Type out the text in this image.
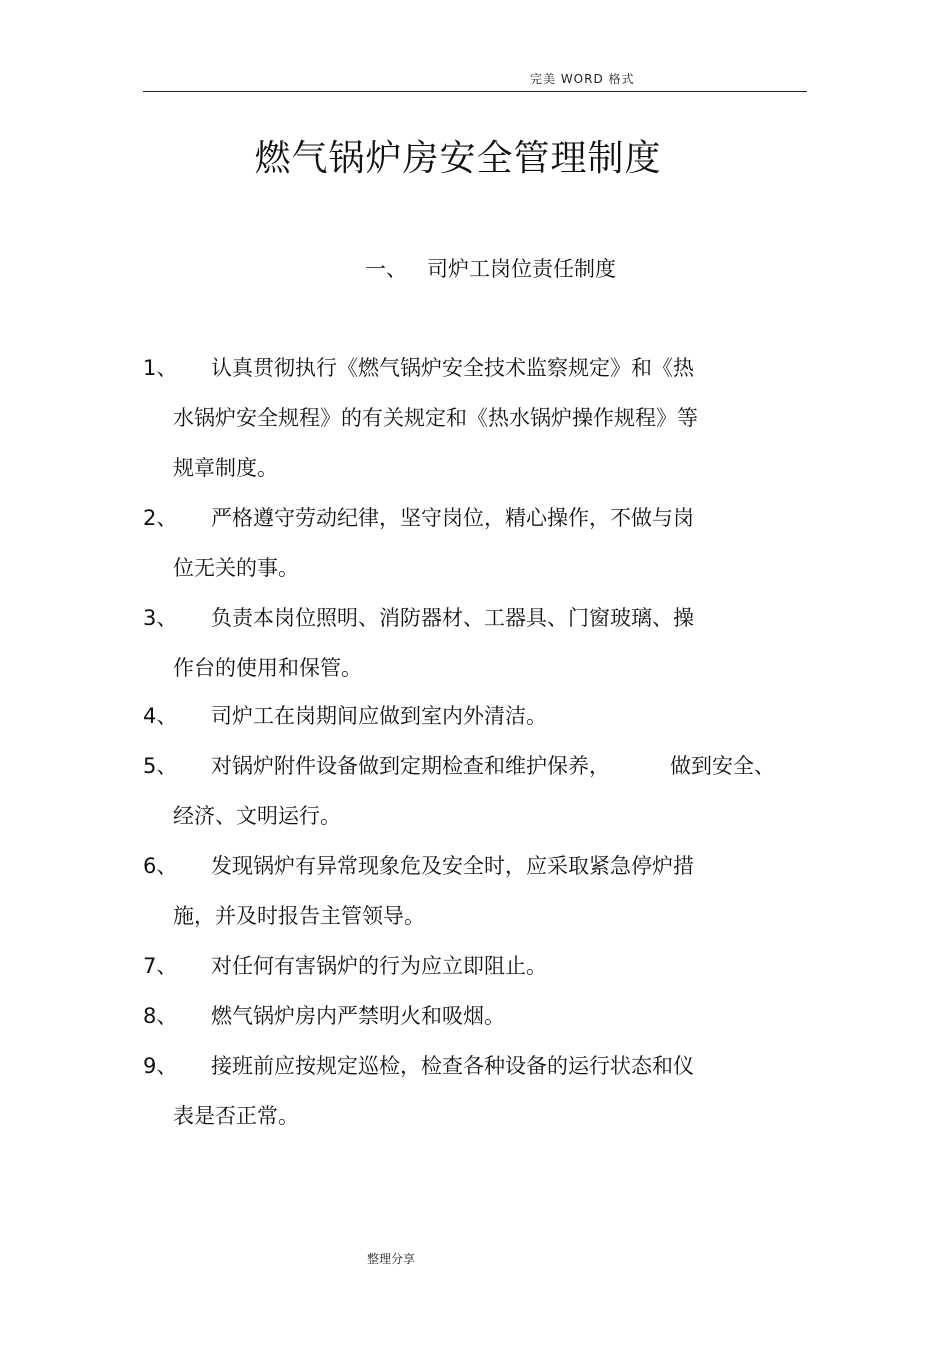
完美 WORD 格式
燃气锅炉房安全管理制度
一、 司炉工岗位责任制度
1、 认真贯彻执行《燃气锅炉安全技术监察规定》和《热
水锅炉安全规程》的有关规定和《热水锅炉操作规程》等
规章制度。
2、 严格遵守劳动纪律，坚守岗位，精心操作，不做与岗
位无关的事。
3、 负责本岗位照明、消防器材、工器具、门窗玻璃、操
作台的使用和保管。
4、 司炉工在岗期间应做到室内外清洁。
5、 对锅炉附件设备做到定期检查和维护保养，	做到安全、
经济、文明运行。
6、 发现锅炉有异常现象危及安全时，应采取紧急停炉措
施，并及时报告主管领导。
7、 对任何有害锅炉的行为应立即阻止。
8、 燃气锅炉房内严禁明火和吸烟。
9、 接班前应按规定巡检，检查各种设备的运行状态和仪
表是否正常。
整理分享
